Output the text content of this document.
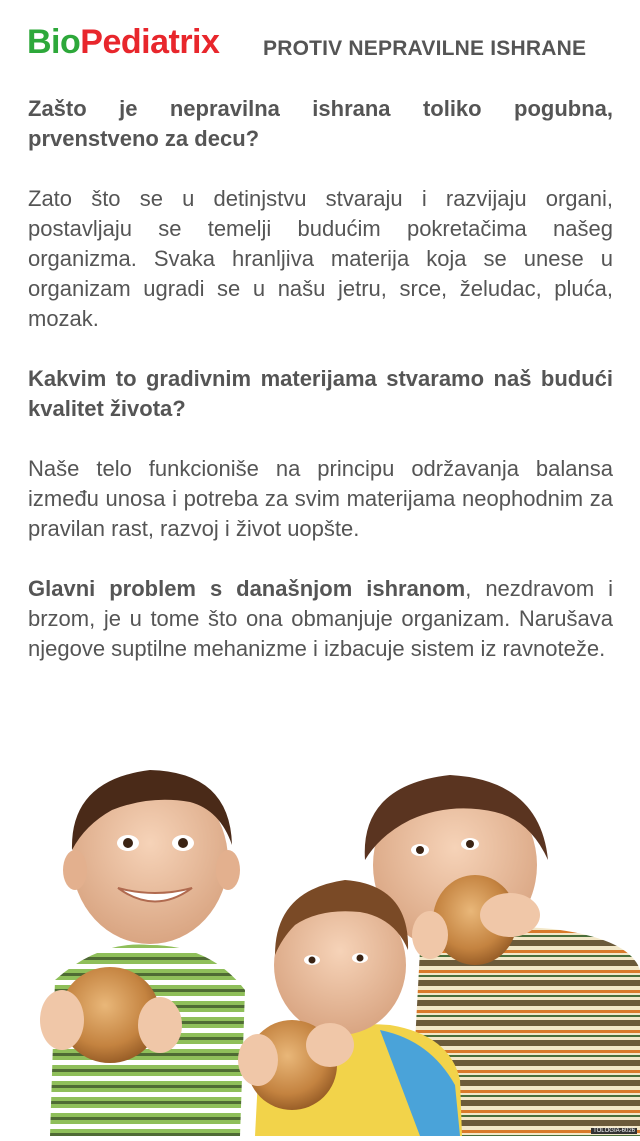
BioPediatrix PROTIV NEPRAVILNE ISHRANE

Zašto je nepravilna ishrana toliko pogubna, prvenstveno za decu?

Zato što se u detinjstvu stvaraju i razvijaju organi, postavljaju se temelji budućim pokretačima našeg organizma. Svaka hranljiva materija koja se unese u organizam ugradi se u našu jetru, srce, želudac, pluća, mozak.

Kakvim to gradivnim materijama stvaramo naš budući kvalitet života?

Naše telo funkcioniše na principu održavanja balansa između unosa i potreba za svim materijama neophodnim za pravilan rast, razvoj i život uopšte.

Glavni problem s današnjom ishranom, nezdravom i brzom, je u tome što ona obmanjuje organizam. Narušava njegove suptilne mehanizme i izbacuje sistem iz ravnoteže.

TOLOGIA-6026
